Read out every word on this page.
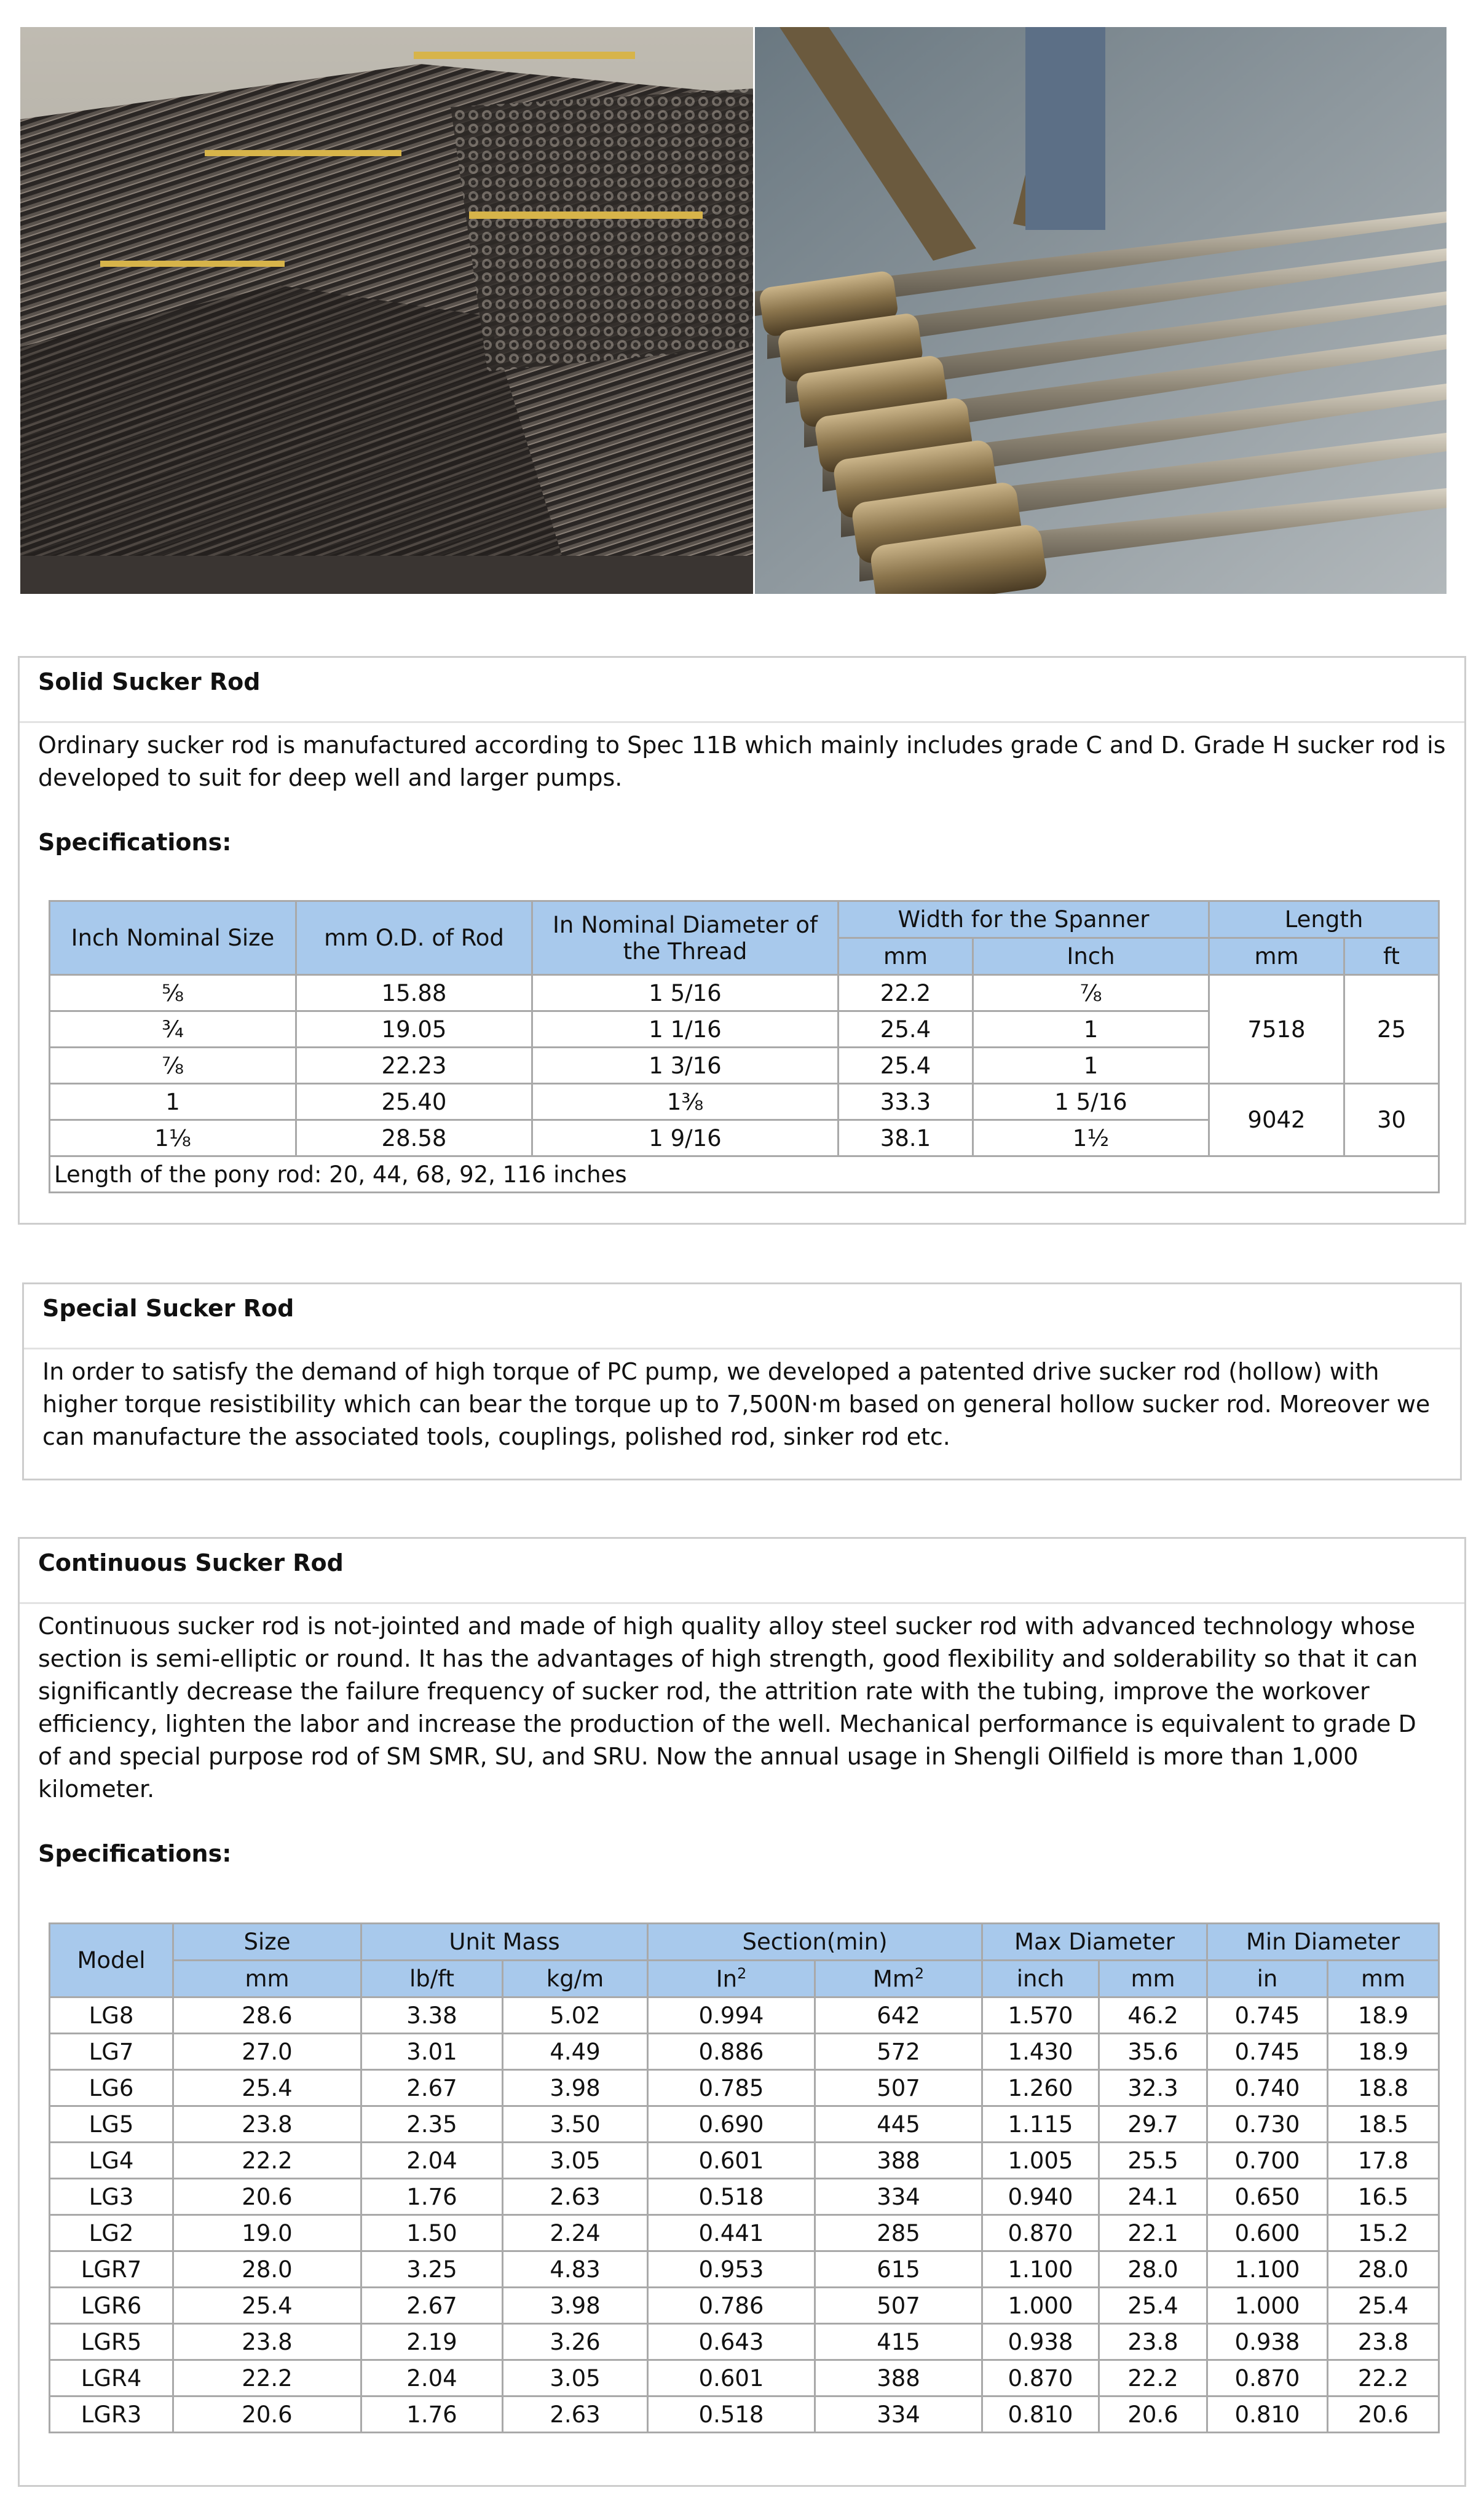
Solid Sucker Rod

Ordinary sucker rod is manufactured according to Spec 11B which mainly includes grade C and D. Grade H sucker rod is developed to suit for deep well and larger pumps.

Specifications:

Inch Nominal Size	mm O.D. of Rod	In Nominal Diameter of the Thread	Width for the Spanner		Length	
			mm	Inch	mm	ft
⅝	15.88	1 5/16	22.2	⅞	7518	25
¾	19.05	1 1/16	25.4	1		
⅞	22.23	1 3/16	25.4	1		
1	25.40	1⅜	33.3	1 5/16	9042	30
1⅛	28.58	1 9/16	38.1	1½		
Length of the pony rod: 20, 44, 68, 92, 116 inches						
Special Sucker Rod

In order to satisfy the demand of high torque of PC pump, we developed a patented drive sucker rod (hollow) with higher torque resistibility which can bear the torque up to 7,500N·m based on general hollow sucker rod. Moreover we can manufacture the associated tools, couplings, polished rod, sinker rod etc.

Continuous Sucker Rod

Continuous sucker rod is not-jointed and made of high quality alloy steel sucker rod with advanced technology whose section is semi-elliptic or round. It has the advantages of high strength, good flexibility and solderability so that it can significantly decrease the failure frequency of sucker rod, the attrition rate with the tubing, improve the workover efficiency, lighten the labor and increase the production of the well. Mechanical performance is equivalent to grade D of and special purpose rod of SM SMR, SU, and SRU. Now the annual usage in Shengli Oilfield is more than 1,000 kilometer.

Specifications:

Model	Size	Unit Mass		Section(min)		Max Diameter		Min Diameter	
	mm	lb/ft	kg/m	In$^2$	Mm$^2$	inch	mm	in	mm
LG8	28.6	3.38	5.02	0.994	642	1.570	46.2	0.745	18.9
LG7	27.0	3.01	4.49	0.886	572	1.430	35.6	0.745	18.9
LG6	25.4	2.67	3.98	0.785	507	1.260	32.3	0.740	18.8
LG5	23.8	2.35	3.50	0.690	445	1.115	29.7	0.730	18.5
LG4	22.2	2.04	3.05	0.601	388	1.005	25.5	0.700	17.8
LG3	20.6	1.76	2.63	0.518	334	0.940	24.1	0.650	16.5
LG2	19.0	1.50	2.24	0.441	285	0.870	22.1	0.600	15.2
LGR7	28.0	3.25	4.83	0.953	615	1.100	28.0	1.100	28.0
LGR6	25.4	2.67	3.98	0.786	507	1.000	25.4	1.000	25.4
LGR5	23.8	2.19	3.26	0.643	415	0.938	23.8	0.938	23.8
LGR4	22.2	2.04	3.05	0.601	388	0.870	22.2	0.870	22.2
LGR3	20.6	1.76	2.63	0.518	334	0.810	20.6	0.810	20.6
